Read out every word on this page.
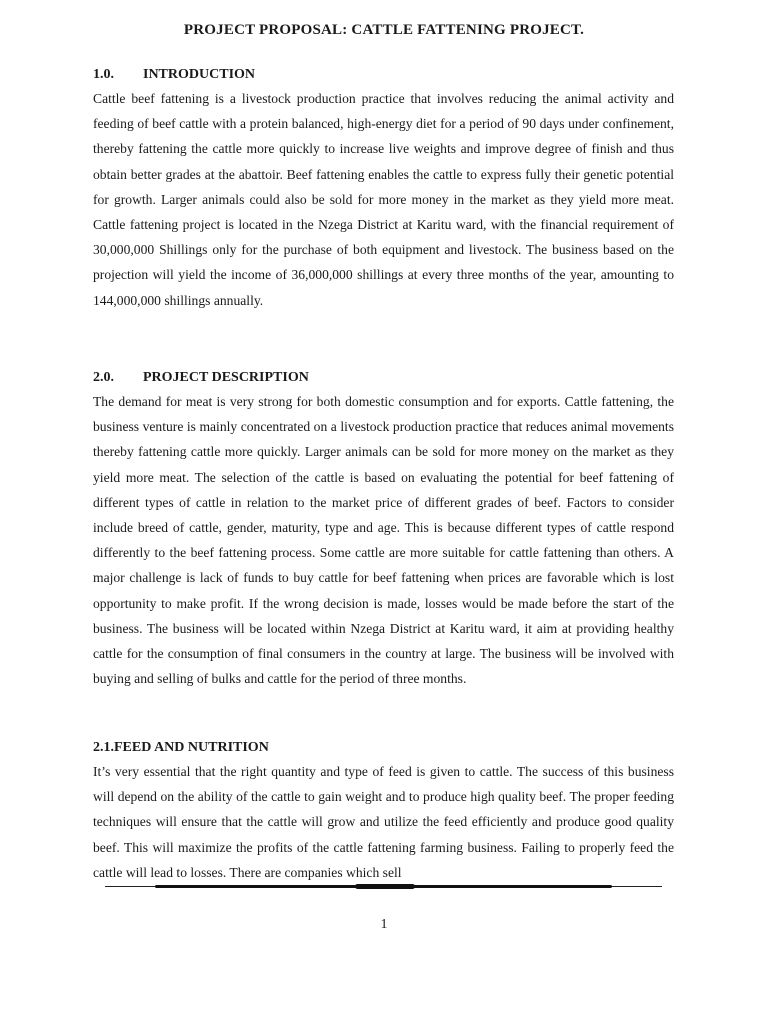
PROJECT PROPOSAL: CATTLE FATTENING PROJECT.
1.0. INTRODUCTION

Cattle beef fattening is a livestock production practice that involves reducing the animal activity and feeding of beef cattle with a protein balanced, high-energy diet for a period of 90 days under confinement, thereby fattening the cattle more quickly to increase live weights and improve degree of finish and thus obtain better grades at the abattoir. Beef fattening enables the cattle to express fully their genetic potential for growth. Larger animals could also be sold for more money in the market as they yield more meat. Cattle fattening project is located in the Nzega District at Karitu ward, with the financial requirement of 30,000,000 Shillings only for the purchase of both equipment and livestock. The business based on the projection will yield the income of 36,000,000 shillings at every three months of the year, amounting to 144,000,000 shillings annually.

2.0. PROJECT DESCRIPTION

The demand for meat is very strong for both domestic consumption and for exports. Cattle fattening, the business venture is mainly concentrated on a livestock production practice that reduces animal movements thereby fattening cattle more quickly. Larger animals can be sold for more money on the market as they yield more meat. The selection of the cattle is based on evaluating the potential for beef fattening of different types of cattle in relation to the market price of different grades of beef. Factors to consider include breed of cattle, gender, maturity, type and age. This is because different types of cattle respond differently to the beef fattening process. Some cattle are more suitable for cattle fattening than others. A major challenge is lack of funds to buy cattle for beef fattening when prices are favorable which is lost opportunity to make profit. If the wrong decision is made, losses would be made before the start of the business. The business will be located within Nzega District at Karitu ward, it aim at providing healthy cattle for the consumption of final consumers in the country at large. The business will be involved with buying and selling of bulks and cattle for the period of three months.

2.1.FEED AND NUTRITION

It’s very essential that the right quantity and type of feed is given to cattle. The success of this business will depend on the ability of the cattle to gain weight and to produce high quality beef. The proper feeding techniques will ensure that the cattle will grow and utilize the feed efficiently and produce good quality beef. This will maximize the profits of the cattle fattening farming business. Failing to properly feed the cattle will lead to losses. There are companies which sell

1
